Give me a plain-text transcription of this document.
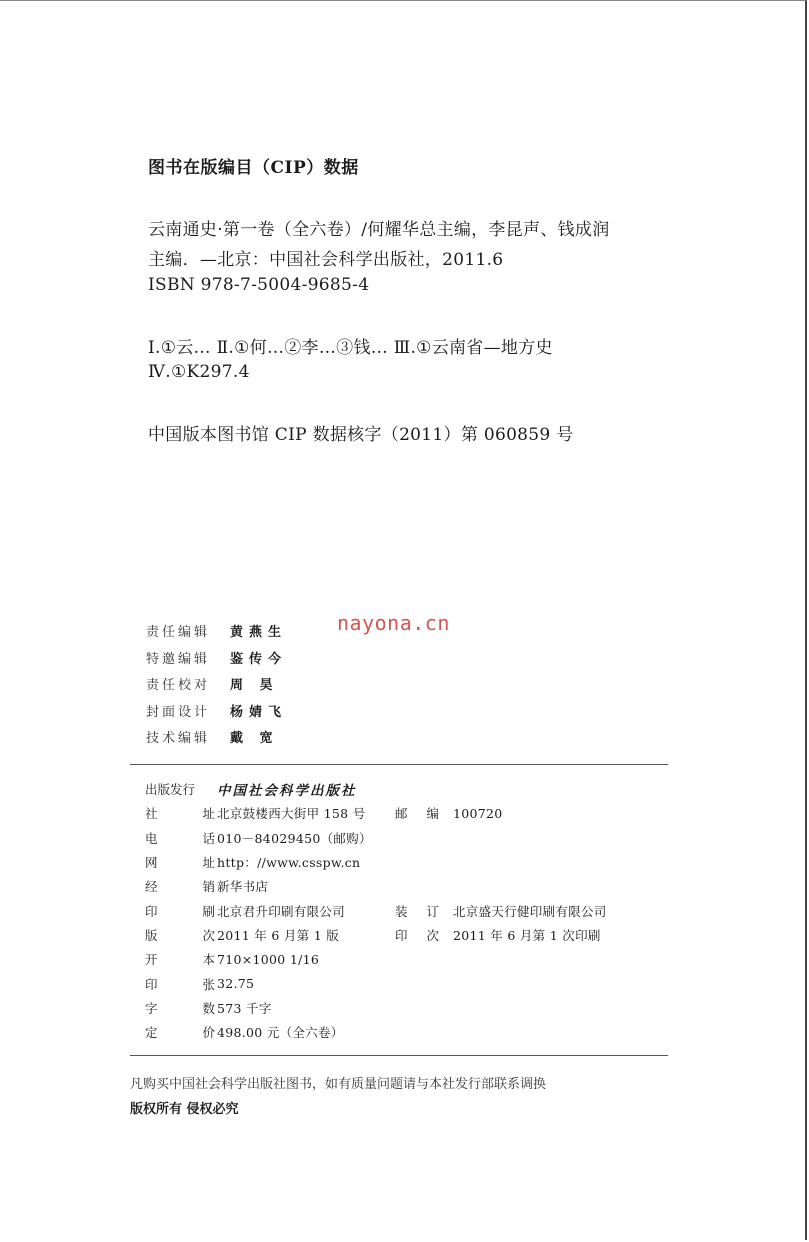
图书在版编目（CIP）数据
云南通史·第一卷（全六卷）/何耀华总主编，李昆声、钱成润
主编．—北京：中国社会科学出版社，2011.6
ISBN 978-7-5004-9685-4
Ⅰ.①云… Ⅱ.①何…②李…③钱… Ⅲ.①云南省—地方史
Ⅳ.①K297.4
中国版本图书馆 CIP 数据核字（2011）第 060859 号
nayona.cn
责任编辑	黄燕生
特邀编辑	鉴传今
责任校对	周 昊
封面设计	杨婧飞
技术编辑	戴 宽
出版发行	中国社会科学出版社
社	址 北京鼓楼西大街甲 158 号	邮 编 100720
电	话 010－84029450（邮购）
网	址 http：//www.csspw.cn
经	销 新华书店
印	刷 北京君升印刷有限公司	装 订 北京盛天行健印刷有限公司
版	次 2011 年 6 月第 1 版	印 次 2011 年 6 月第 1 次印刷
开	本 710×1000 1/16
印	张 32.75
字	数 573 千字
定	价 498.00 元（全六卷）
凡购买中国社会科学出版社图书，如有质量问题请与本社发行部联系调换
版权所有 侵权必究
